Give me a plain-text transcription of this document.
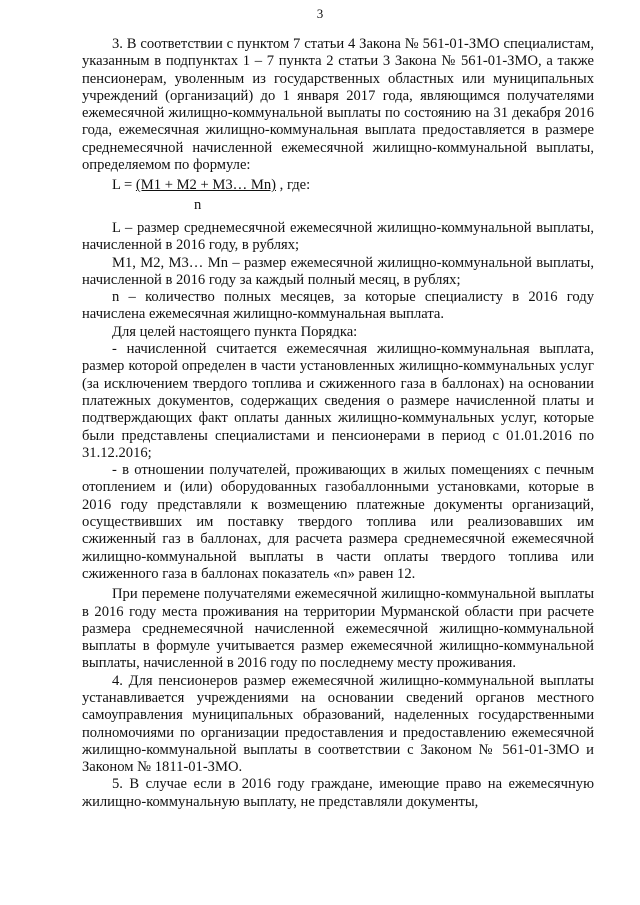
3

3. В соответствии с пунктом 7 статьи 4 Закона № 561-01-ЗМО специалистам, указанным в подпунктах 1 – 7 пункта 2 статьи 3 Закона № 561-01-ЗМО, а также пенсионерам, уволенным из государственных областных или муниципальных учреждений (организаций) до 1 января 2017 года, являющимся получателями ежемесячной жилищно-коммунальной выплаты по состоянию на 31 декабря 2016 года, ежемесячная жилищно-коммунальная выплата предоставляется в размере среднемесячной начисленной ежемесячной жилищно-коммунальной выплаты, определяемом по формуле:

L = (M1 + M2 + M3… Mn) , где:
n

L – размер среднемесячной ежемесячной жилищно-коммунальной выплаты, начисленной в 2016 году, в рублях;

M1, M2, M3… Mn – размер ежемесячной жилищно-коммунальной выплаты, начисленной в 2016 году за каждый полный месяц, в рублях;

n – количество полных месяцев, за которые специалисту в 2016 году начислена ежемесячная жилищно-коммунальная выплата.

Для целей настоящего пункта Порядка:

- начисленной считается ежемесячная жилищно-коммунальная выплата, размер которой определен в части установленных жилищно-коммунальных услуг (за исключением твердого топлива и сжиженного газа в баллонах) на основании платежных документов, содержащих сведения о размере начисленной платы и подтверждающих факт оплаты данных жилищно-коммунальных услуг, которые были представлены специалистами и пенсионерами в период с 01.01.2016 по 31.12.2016;

- в отношении получателей, проживающих в жилых помещениях с печным отоплением и (или) оборудованных газобаллонными установками, которые в 2016 году представляли к возмещению платежные документы организаций, осуществивших им поставку твердого топлива или реализовавших им сжиженный газ в баллонах, для расчета размера среднемесячной ежемесячной жилищно-коммунальной выплаты в части оплаты твердого топлива или сжиженного газа в баллонах показатель «n» равен 12.

При перемене получателями ежемесячной жилищно-коммунальной выплаты в 2016 году места проживания на территории Мурманской области при расчете размера среднемесячной начисленной ежемесячной жилищно-коммунальной выплаты в формуле учитывается размер ежемесячной жилищно-коммунальной выплаты, начисленной в 2016 году по последнему месту проживания.

4. Для пенсионеров размер ежемесячной жилищно-коммунальной выплаты устанавливается учреждениями на основании сведений органов местного самоуправления муниципальных образований, наделенных государственными полномочиями по организации предоставления и предоставлению ежемесячной жилищно-коммунальной выплаты в соответствии с Законом № 561-01-ЗМО и Законом № 1811-01-ЗМО.

5. В случае если в 2016 году граждане, имеющие право на ежемесячную жилищно-коммунальную выплату, не представляли документы,
